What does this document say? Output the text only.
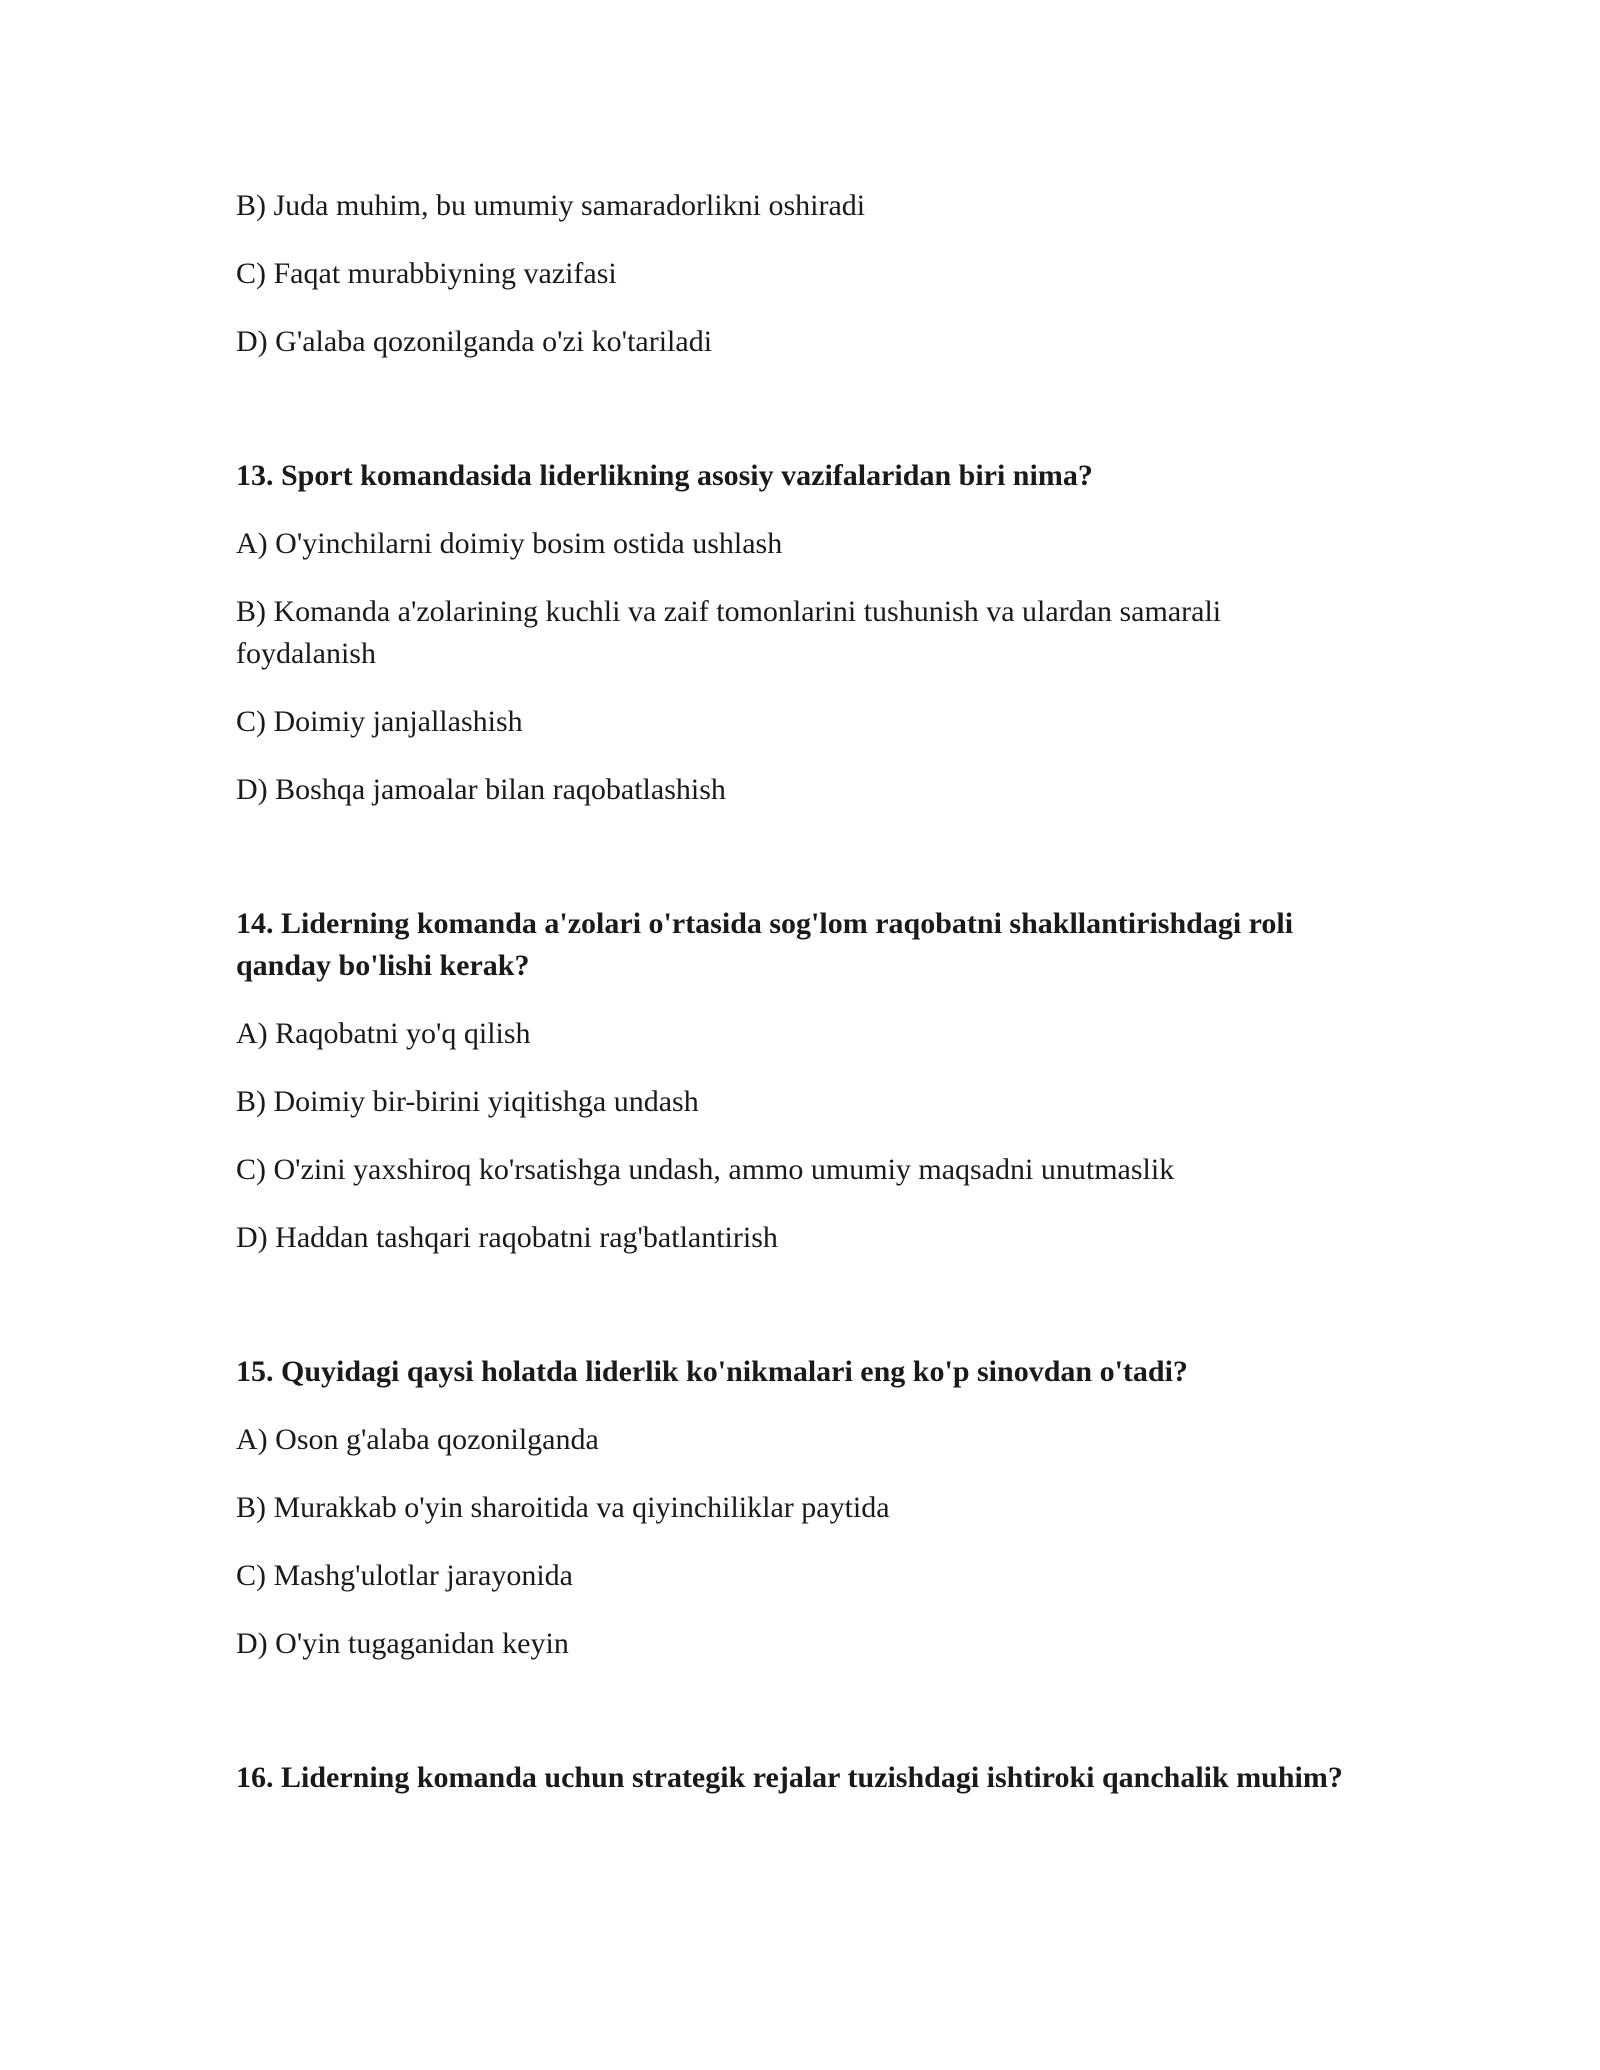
B) Juda muhim, bu umumiy samaradorlikni oshiradi

C) Faqat murabbiyning vazifasi

D) G'alaba qozonilganda o'zi ko'tariladi

13. Sport komandasida liderlikning asosiy vazifalaridan biri nima?

A) O'yinchilarni doimiy bosim ostida ushlash

B) Komanda a'zolarining kuchli va zaif tomonlarini tushunish va ulardan samarali foydalanish

C) Doimiy janjallashish

D) Boshqa jamoalar bilan raqobatlashish

14. Liderning komanda a'zolari o'rtasida sog'lom raqobatni shakllantirishdagi roli qanday bo'lishi kerak?

A) Raqobatni yo'q qilish

B) Doimiy bir-birini yiqitishga undash

C) O'zini yaxshiroq ko'rsatishga undash, ammo umumiy maqsadni unutmaslik

D) Haddan tashqari raqobatni rag'batlantirish

15. Quyidagi qaysi holatda liderlik ko'nikmalari eng ko'p sinovdan o'tadi?

A) Oson g'alaba qozonilganda

B) Murakkab o'yin sharoitida va qiyinchiliklar paytida

C) Mashg'ulotlar jarayonida

D) O'yin tugaganidan keyin

16. Liderning komanda uchun strategik rejalar tuzishdagi ishtiroki qanchalik muhim?
